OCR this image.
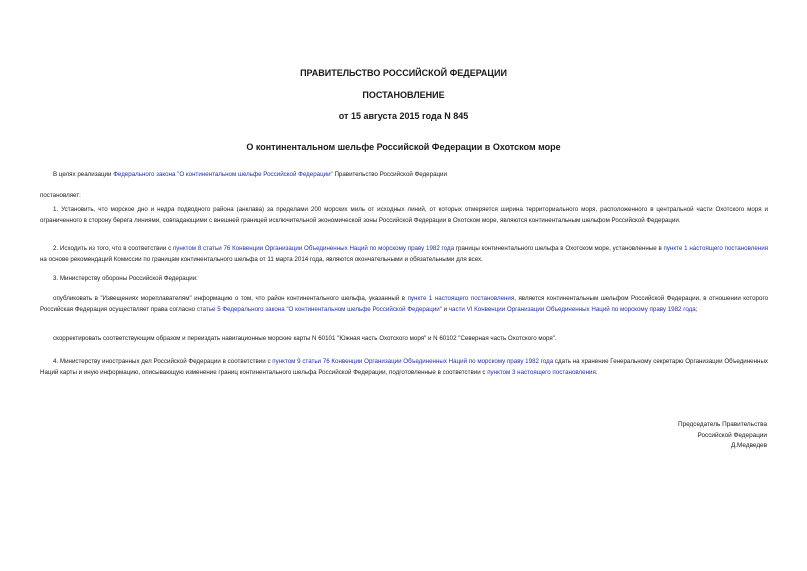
ПРАВИТЕЛЬСТВО РОССИЙСКОЙ ФЕДЕРАЦИИ
ПОСТАНОВЛЕНИЕ
от 15 августа 2015 года N 845
О континентальном шельфе Российской Федерации в Охотском море
В целях реализации Федерального закона "О континентальном шельфе Российской Федерации" Правительство Российской Федерации
постановляет:
1. Установить, что морское дно и недра подводного района (анклава) за пределами 200 морских миль от исходных линий, от которых отмеряется ширина территориального моря, расположенного в центральной части Охотского моря и ограниченного в сторону берега линиями, совпадающими с внешней границей исключительной экономической зоны Российской Федерации в Охотском море, являются континентальным шельфом Российской Федерации.
2. Исходить из того, что в соответствии с пунктом 8 статьи 76 Конвенции Организации Объединенных Наций по морскому праву 1982 года границы континентального шельфа в Охотском море, установленные в пункте 1 настоящего постановления на основе рекомендаций Комиссии по границам континентального шельфа от 11 марта 2014 года, являются окончательными и обязательными для всех.
3. Министерству обороны Российской Федерации:
опубликовать в "Извещениях мореплавателям" информацию о том, что район континентального шельфа, указанный в пункте 1 настоящего постановления, является континентальным шельфом Российской Федерации, в отношении которого Российская Федерация осуществляет права согласно статье 5 Федерального закона "О континентальном шельфе Российской Федерации" и части VI Конвенции Организации Объединенных Наций по морскому праву 1982 года;
скорректировать соответствующим образом и переиздать навигационные морские карты N 60101 "Южная часть Охотского моря" и N 60102 "Северная часть Охотского моря".
4. Министерству иностранных дел Российской Федерации в соответствии с пунктом 9 статьи 76 Конвенции Организации Объединенных Наций по морскому праву 1982 года сдать на хранение Генеральному секретарю Организации Объединенных Наций карты и иную информацию, описывающую изменение границ континентального шельфа Российской Федерации, подготовленные в соответствии с пунктом 3 настоящего постановления.
Председатель Правительства
Российской Федерации
Д.Медведев
